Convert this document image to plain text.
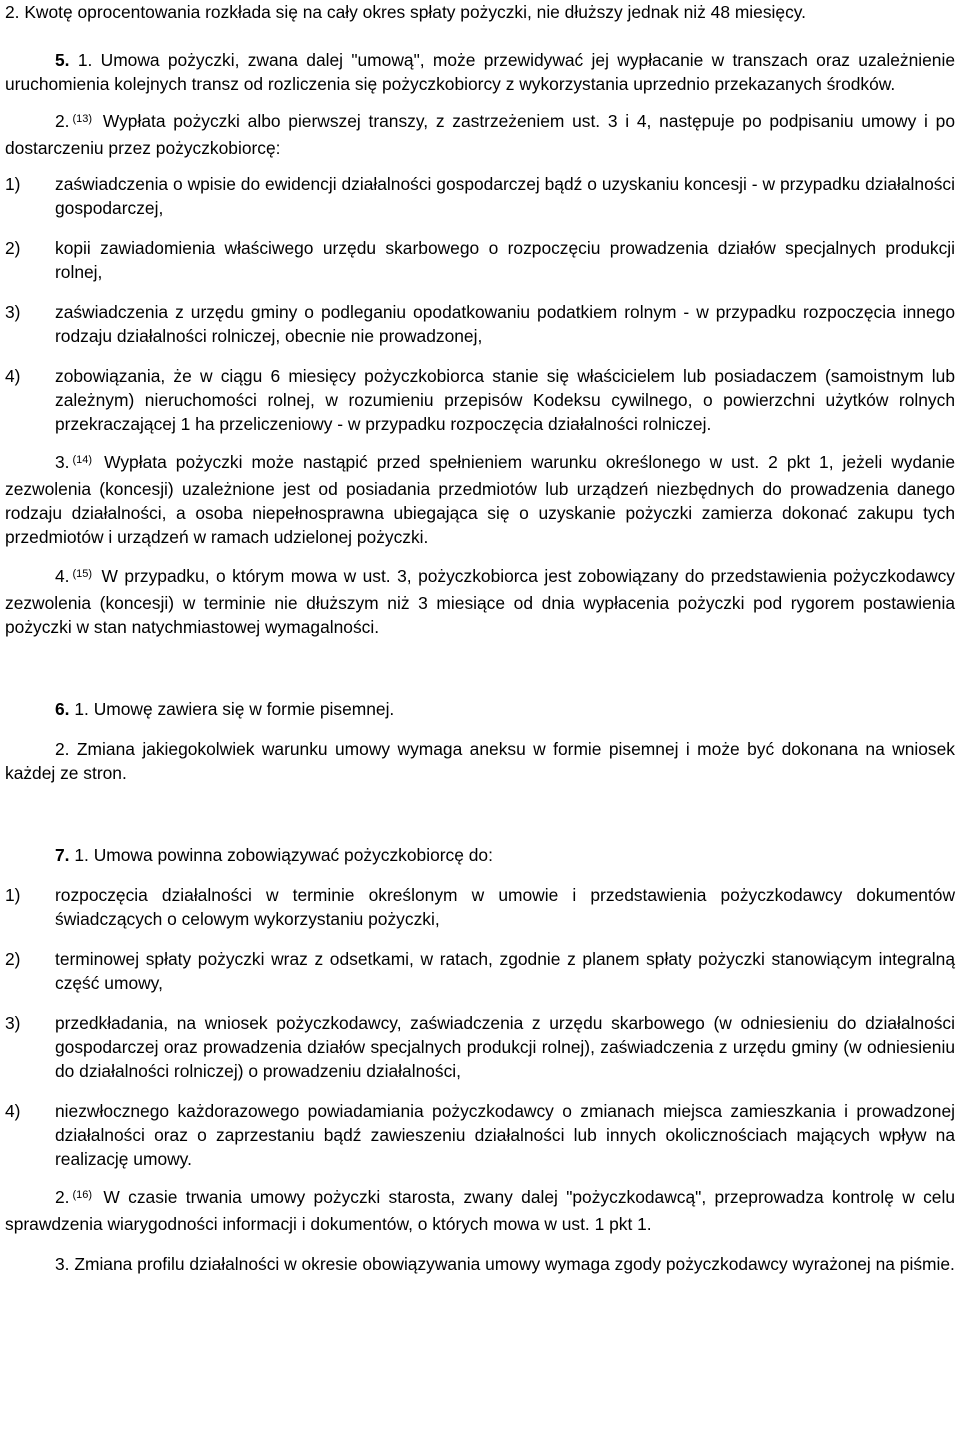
2. Kwotę oprocentowania rozkłada się na cały okres spłaty pożyczki, nie dłuższy jednak niż 48 miesięcy.

5. 1. Umowa pożyczki, zwana dalej "umową", może przewidywać jej wypłacanie w transzach oraz uzależnienie uruchomienia kolejnych transz od rozliczenia się pożyczkobiorcy z wykorzystania uprzednio przekazanych środków.

2. $^{(13)}$ Wypłata pożyczki albo pierwszej transzy, z zastrzeżeniem ust. 3 i 4, następuje po podpisaniu umowy i po dostarczeniu przez pożyczkobiorcę:

1)	zaświadczenia o wpisie do ewidencji działalności gospodarczej bądź o uzyskaniu koncesji - w przypadku działalności gospodarczej,
2)	kopii zawiadomienia właściwego urzędu skarbowego o rozpoczęciu prowadzenia działów specjalnych produkcji rolnej,
3)	zaświadczenia z urzędu gminy o podleganiu opodatkowaniu podatkiem rolnym - w przypadku rozpoczęcia innego rodzaju działalności rolniczej, obecnie nie prowadzonej,
4)	zobowiązania, że w ciągu 6 miesięcy pożyczkobiorca stanie się właścicielem lub posiadaczem (samoistnym lub zależnym) nieruchomości rolnej, w rozumieniu przepisów Kodeksu cywilnego, o powierzchni użytków rolnych przekraczającej 1 ha przeliczeniowy - w przypadku rozpoczęcia działalności rolniczej.

3. $^{(14)}$ Wypłata pożyczki może nastąpić przed spełnieniem warunku określonego w ust. 2 pkt 1, jeżeli wydanie zezwolenia (koncesji) uzależnione jest od posiadania przedmiotów lub urządzeń niezbędnych do prowadzenia danego rodzaju działalności, a osoba niepełnosprawna ubiegająca się o uzyskanie pożyczki zamierza dokonać zakupu tych przedmiotów i urządzeń w ramach udzielonej pożyczki.

4. $^{(15)}$ W przypadku, o którym mowa w ust. 3, pożyczkobiorca jest zobowiązany do przedstawienia pożyczkodawcy zezwolenia (koncesji) w terminie nie dłuższym niż 3 miesiące od dnia wypłacenia pożyczki pod rygorem postawienia pożyczki w stan natychmiastowej wymagalności.

6. 1. Umowę zawiera się w formie pisemnej.

2. Zmiana jakiegokolwiek warunku umowy wymaga aneksu w formie pisemnej i może być dokonana na wniosek każdej ze stron.

7. 1. Umowa powinna zobowiązywać pożyczkobiorcę do:

1)	rozpoczęcia działalności w terminie określonym w umowie i przedstawienia pożyczkodawcy dokumentów świadczących o celowym wykorzystaniu pożyczki,
2)	terminowej spłaty pożyczki wraz z odsetkami, w ratach, zgodnie z planem spłaty pożyczki stanowiącym integralną część umowy,
3)	przedkładania, na wniosek pożyczkodawcy, zaświadczenia z urzędu skarbowego (w odniesieniu do działalności gospodarczej oraz prowadzenia działów specjalnych produkcji rolnej), zaświadczenia z urzędu gminy (w odniesieniu do działalności rolniczej) o prowadzeniu działalności,
4)	niezwłocznego każdorazowego powiadamiania pożyczkodawcy o zmianach miejsca zamieszkania i prowadzonej działalności oraz o zaprzestaniu bądź zawieszeniu działalności lub innych okolicznościach mających wpływ na realizację umowy.

2. $^{(16)}$ W czasie trwania umowy pożyczki starosta, zwany dalej "pożyczkodawcą", przeprowadza kontrolę w celu sprawdzenia wiarygodności informacji i dokumentów, o których mowa w ust. 1 pkt 1.

3. Zmiana profilu działalności w okresie obowiązywania umowy wymaga zgody pożyczkodawcy wyrażonej na piśmie.
